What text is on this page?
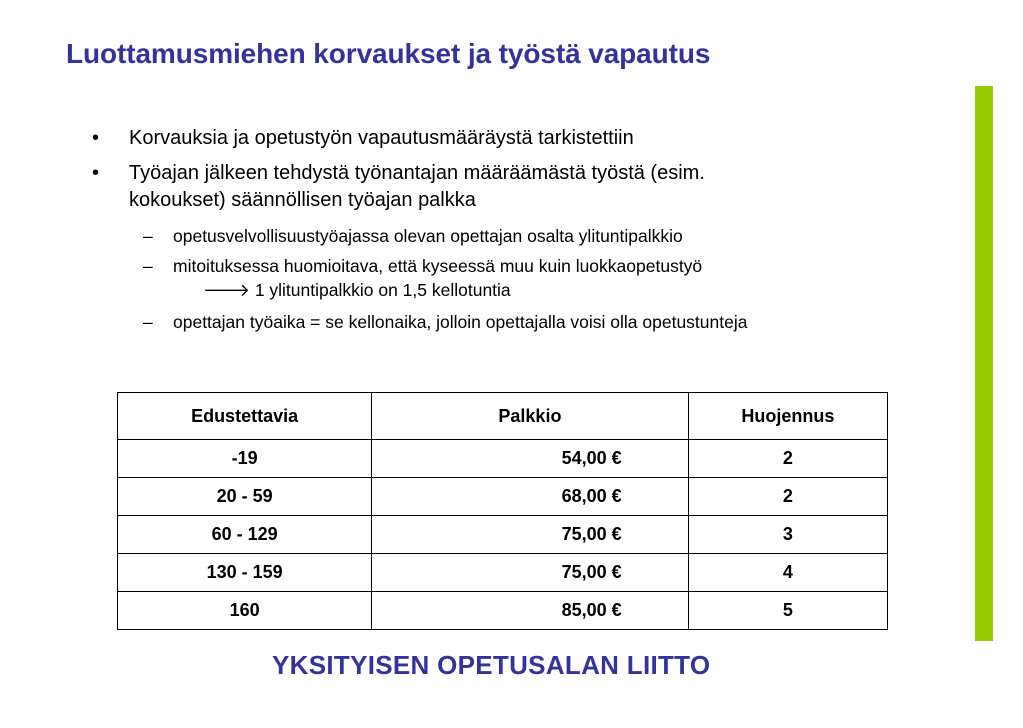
Luottamusmiehen korvaukset ja työstä vapautus
• Korvauksia ja opetustyön vapautusmääräystä tarkistettiin
• Työajan jälkeen tehdystä työnantajan määräämästä työstä (esim.
kokoukset) säännöllisen työajan palkka
– opetusvelvollisuustyöajassa olevan opettajan osalta ylituntipalkkio
– mitoituksessa huomioitava, että kyseessä muu kuin luokkaopetustyö
🡒 1 ylituntipalkkio on 1,5 kellotuntia
– opettajan työaika = se kellonaika, jolloin opettajalla voisi olla opetustunteja
Edustettavia	Palkkio	Huojennus
-19	54,00 €	2
20 - 59	68,00 €	2
60 - 129	75,00 €	3
130 - 159	75,00 €	4
160	85,00 €	5
YKSITYISEN OPETUSALAN LIITTO
